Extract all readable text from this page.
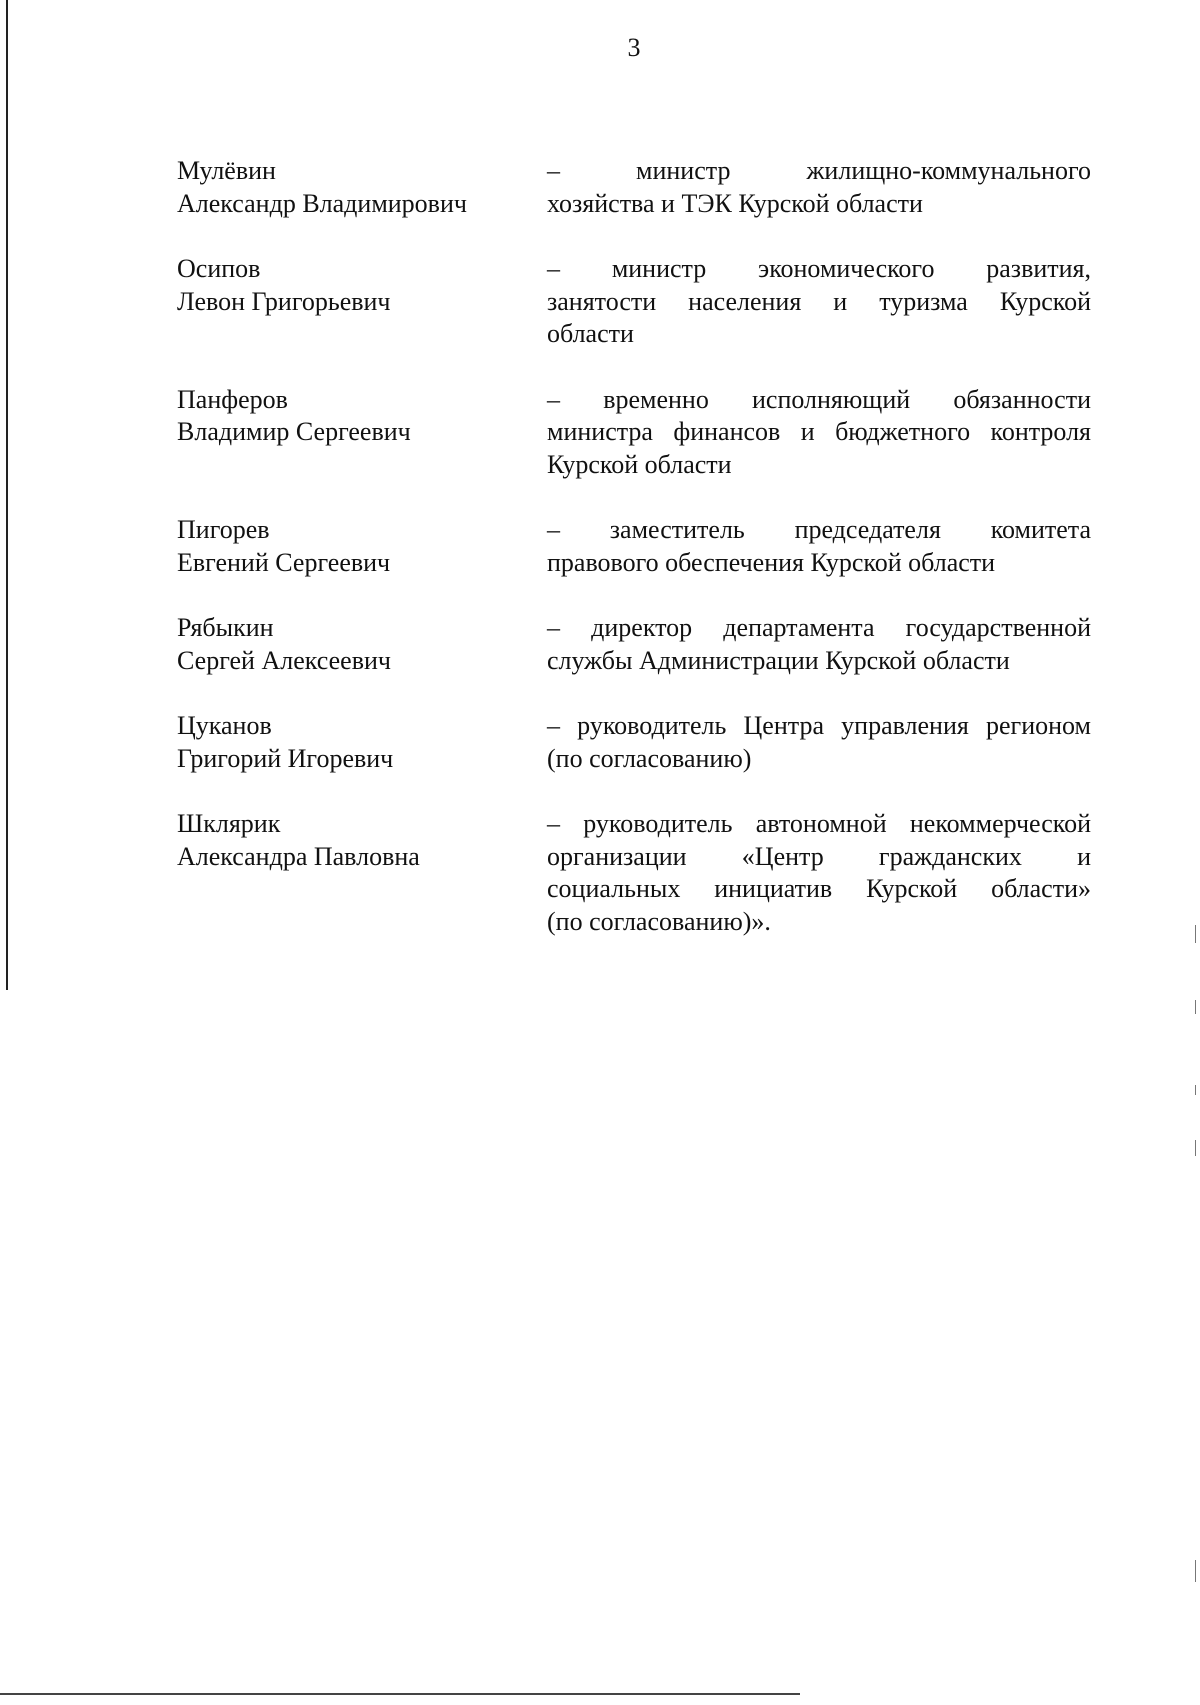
3
Мулёвин
Александр Владимирович
– министр жилищно-коммунального
хозяйства и ТЭК Курской области
Осипов
Левон Григорьевич
– министр экономического развития,
занятости населения и туризма Курской
области
Панферов
Владимир Сергеевич
– временно исполняющий обязанности
министра финансов и бюджетного контроля
Курской области
Пигорев
Евгений Сергеевич
– заместитель председателя комитета
правового обеспечения Курской области
Рябыкин
Сергей Алексеевич
– директор департамента государственной
службы Администрации Курской области
Цуканов
Григорий Игоревич
– руководитель Центра управления регионом
(по согласованию)
Шклярик
Александра Павловна
– руководитель автономной некоммерческой
организации «Центр гражданских и
социальных инициатив Курской области»
(по согласованию)».
